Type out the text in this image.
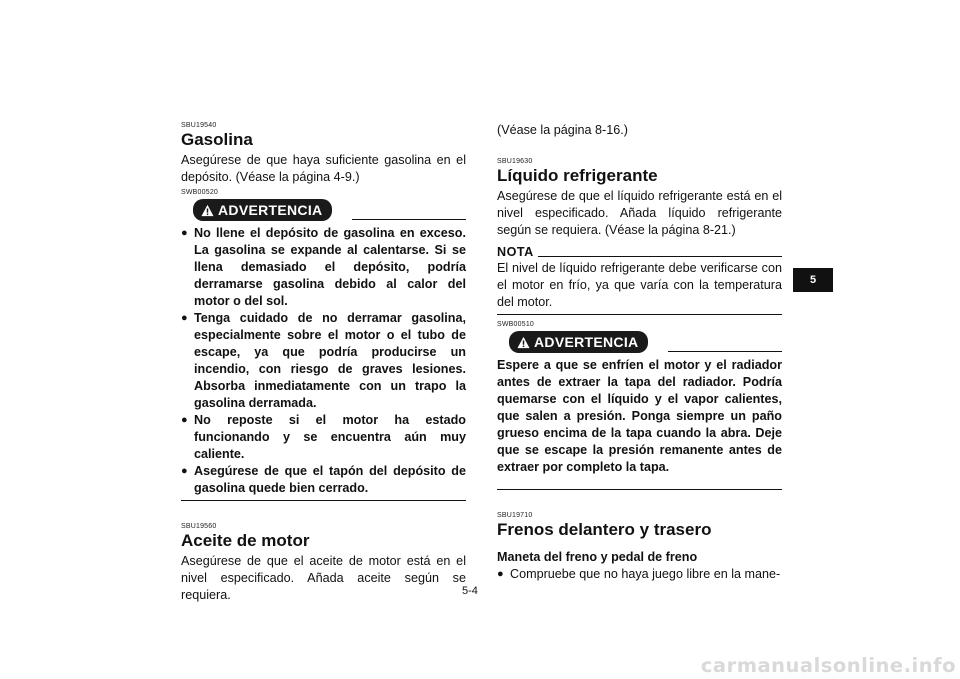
SBU19540

Gasolina

Asegúrese de que haya suficiente gasolina en el depósito. (Véase la página 4-9.)

SWB00520

ADVERTENCIA
● No llene el depósito de gasolina en exceso. La gasolina se expande al calentarse. Si se llena demasiado el depósito, podría derramarse gasolina debido al calor del motor o del sol.
● Tenga cuidado de no derramar gasolina, especialmente sobre el motor o el tubo de escape, ya que podría producirse un incendio, con riesgo de graves lesiones. Absorba inmediatamente con un trapo la gasolina derramada.
● No reposte si el motor ha estado funcionando y se encuentra aún muy caliente.
● Asegúrese de que el tapón del depósito de gasolina quede bien cerrado.

SBU19560

Aceite de motor

Asegúrese de que el aceite de motor está en el nivel especificado. Añada aceite según se requiera.

(Véase la página 8-16.)

SBU19630

Líquido refrigerante

Asegúrese de que el líquido refrigerante está en el nivel especificado. Añada líquido refrigerante según se requiera. (Véase la página 8-21.)

NOTA

El nivel de líquido refrigerante debe verificarse con el motor en frío, ya que varía con la temperatura del motor.

SWB00510

ADVERTENCIA

Espere a que se enfríen el motor y el radiador antes de extraer la tapa del radiador. Podría quemarse con el líquido y el vapor calientes, que salen a presión. Ponga siempre un paño grueso encima de la tapa cuando la abra. Deje que se escape la presión remanente antes de extraer por completo la tapa.

SBU19710

Frenos delantero y trasero

Maneta del freno y pedal de freno

● Compruebe que no haya juego libre en la mane-
5-4
5
carmanualsonline.info
